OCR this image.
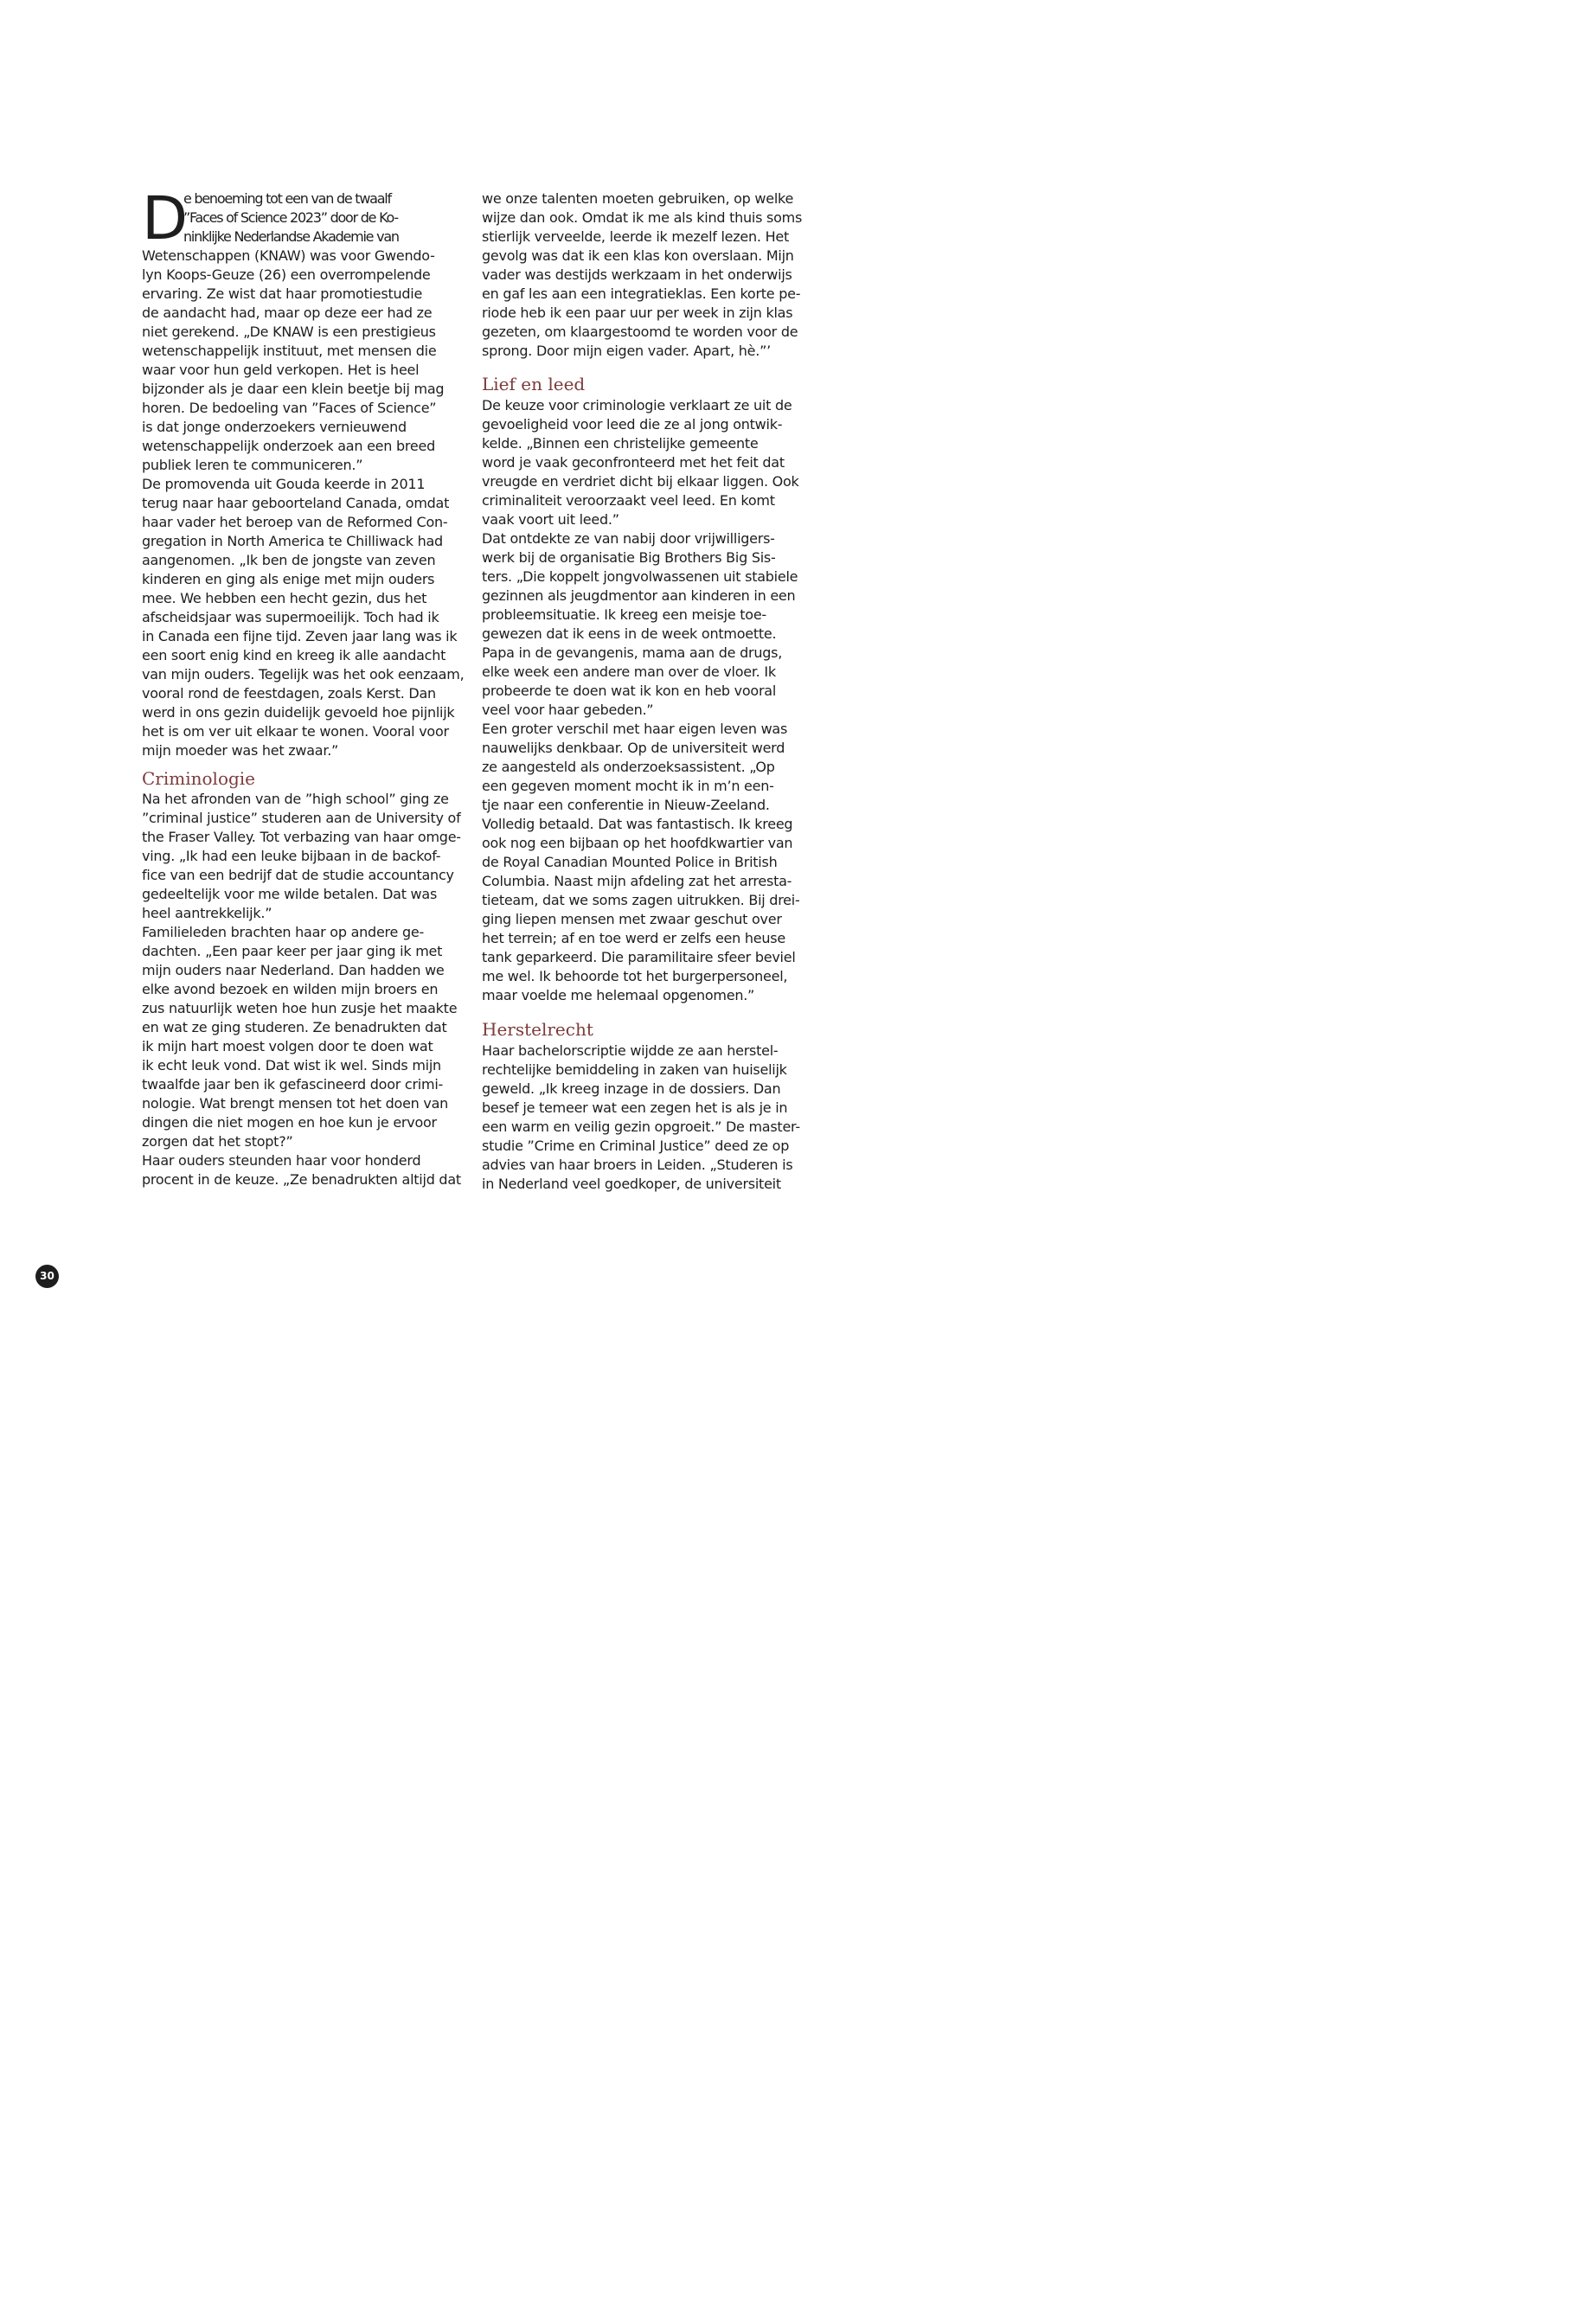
D
e benoeming tot een van de twaalf
”Faces of Science 2023” door de Ko-
ninklijke Nederlandse Akademie van
Wetenschappen (KNAW) was voor Gwendo-
lyn Koops-Geuze (26) een overrompelende
ervaring. Ze wist dat haar promotiestudie
de aandacht had, maar op deze eer had ze
niet gerekend. „De KNAW is een prestigieus
wetenschappelijk instituut, met mensen die
waar voor hun geld verkopen. Het is heel
bijzonder als je daar een klein beetje bij mag
horen. De bedoeling van ”Faces of Science”
is dat jonge onderzoekers vernieuwend
wetenschappelijk onderzoek aan een breed
publiek leren te communiceren.”
De promovenda uit Gouda keerde in 2011
terug naar haar geboorteland Canada, omdat
haar vader het beroep van de Reformed Con-
gregation in North America te Chilliwack had
aangenomen. „Ik ben de jongste van zeven
kinderen en ging als enige met mijn ouders
mee. We hebben een hecht gezin, dus het
afscheidsjaar was supermoeilijk. Toch had ik
in Canada een fijne tijd. Zeven jaar lang was ik
een soort enig kind en kreeg ik alle aandacht
van mijn ouders. Tegelijk was het ook eenzaam,
vooral rond de feestdagen, zoals Kerst. Dan
werd in ons gezin duidelijk gevoeld hoe pijnlijk
het is om ver uit elkaar te wonen. Vooral voor
mijn moeder was het zwaar.”
Criminologie
Na het afronden van de ”high school” ging ze
”criminal justice” studeren aan de University of
the Fraser Valley. Tot verbazing van haar omge-
ving. „Ik had een leuke bijbaan in de backof-
fice van een bedrijf dat de studie accountancy
gedeeltelijk voor me wilde betalen. Dat was
heel aantrekkelijk.”
Familieleden brachten haar op andere ge-
dachten. „Een paar keer per jaar ging ik met
mijn ouders naar Nederland. Dan hadden we
elke avond bezoek en wilden mijn broers en
zus natuurlijk weten hoe hun zusje het maakte
en wat ze ging studeren. Ze benadrukten dat
ik mijn hart moest volgen door te doen wat
ik echt leuk vond. Dat wist ik wel. Sinds mijn
twaalfde jaar ben ik gefascineerd door crimi-
nologie. Wat brengt mensen tot het doen van
dingen die niet mogen en hoe kun je ervoor
zorgen dat het stopt?”
Haar ouders steunden haar voor honderd
procent in de keuze. „Ze benadrukten altijd dat
we onze talenten moeten gebruiken, op welke
wijze dan ook. Omdat ik me als kind thuis soms
stierlijk verveelde, leerde ik mezelf lezen. Het
gevolg was dat ik een klas kon overslaan. Mijn
vader was destijds werkzaam in het onderwijs
en gaf les aan een integratieklas. Een korte pe-
riode heb ik een paar uur per week in zijn klas
gezeten, om klaargestoomd te worden voor de
sprong. Door mijn eigen vader. Apart, hè.”’
Lief en leed
De keuze voor criminologie verklaart ze uit de
gevoeligheid voor leed die ze al jong ontwik-
kelde. „Binnen een christelijke gemeente
word je vaak geconfronteerd met het feit dat
vreugde en verdriet dicht bij elkaar liggen. Ook
criminaliteit veroorzaakt veel leed. En komt
vaak voort uit leed.”
Dat ontdekte ze van nabij door vrijwilligers-
werk bij de organisatie Big Brothers Big Sis-
ters. „Die koppelt jongvolwassenen uit stabiele
gezinnen als jeugdmentor aan kinderen in een
probleemsituatie. Ik kreeg een meisje toe-
gewezen dat ik eens in de week ontmoette.
Papa in de gevangenis, mama aan de drugs,
elke week een andere man over de vloer. Ik
probeerde te doen wat ik kon en heb vooral
veel voor haar gebeden.”
Een groter verschil met haar eigen leven was
nauwelijks denkbaar. Op de universiteit werd
ze aangesteld als onderzoeksassistent. „Op
een gegeven moment mocht ik in m’n een-
tje naar een conferentie in Nieuw-Zeeland.
Volledig betaald. Dat was fantastisch. Ik kreeg
ook nog een bijbaan op het hoofdkwartier van
de Royal Canadian Mounted Police in British
Columbia. Naast mijn afdeling zat het arresta-
tieteam, dat we soms zagen uitrukken. Bij drei-
ging liepen mensen met zwaar geschut over
het terrein; af en toe werd er zelfs een heuse
tank geparkeerd. Die paramilitaire sfeer beviel
me wel. Ik behoorde tot het burgerpersoneel,
maar voelde me helemaal opgenomen.”
Herstelrecht
Haar bachelorscriptie wijdde ze aan herstel-
rechtelijke bemiddeling in zaken van huiselijk
geweld. „Ik kreeg inzage in de dossiers. Dan
besef je temeer wat een zegen het is als je in
een warm en veilig gezin opgroeit.” De master-
studie ”Crime en Criminal Justice” deed ze op
advies van haar broers in Leiden. „Studeren is
in Nederland veel goedkoper, de universiteit
30
